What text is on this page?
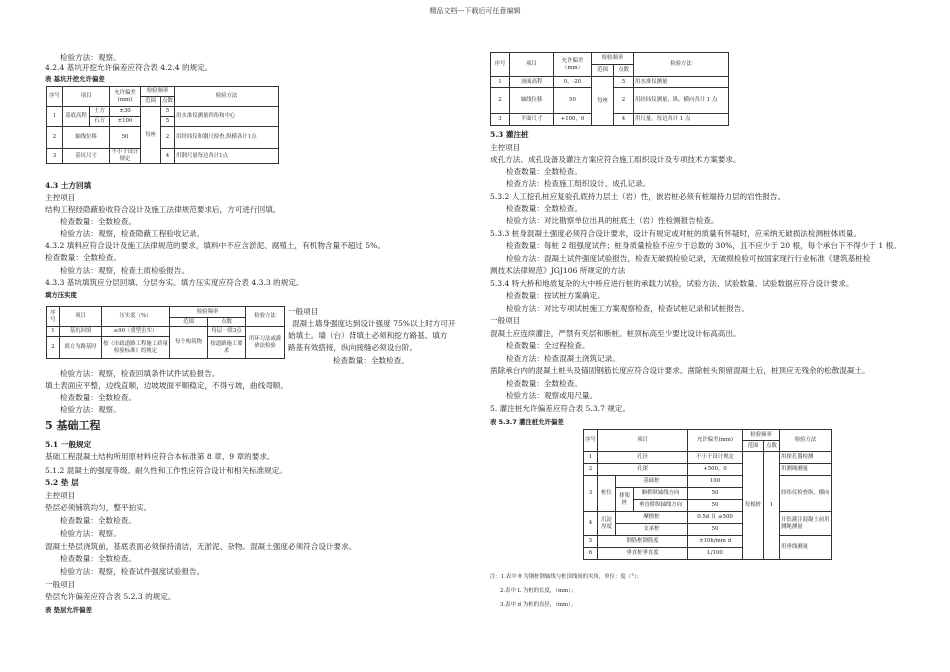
精品文档---下载后可任意编辑
检验方法：观察。
4.2.4 基坑开挖允许偏差应符合表 4.2.4 的规定。
表 基坑开挖允许偏差
序号	项目		允许偏差(mm)	检验频率		检验方法
				范围	点数	
1	基底高程	土方	±30	每座	5	用水准仪测量四角和中心
		石方	±100		5	
2	轴线位移		50		2	用经纬仪和钢尺检查,纵横各计1点
3	基坑尺寸		不小于设计规定		4	用钢尺量每边各计1点
4.3 土方回填
主控项目
结构工程经隐蔽验收符合设计及施工法律规范要求后，方可进行回填。
检查数量：全数检查。
检验方法：观察，检查隐蔽工程验收记录。
4.3.2 填料应符合设计及施工法律规范的要求，填料中不应含淤泥、腐殖土，有机物含量不超过 5%。
检查数量：全数检查。
检验方法：观察，检查土质检验报告。
4.3.3 基坑填筑应分层回填、分层夯实。填方压实度应符合表 4.3.3 的规定。
填方压实度
序号	项目	压实度（%）	检验频率		检验方法
			范围	点数	
1	基坑回填	≥90（重型击实）	每个构筑物	每层一组3点	用环刀法或灌砂法检验
2	填方为路基时	按《市政道路工程施工质量检验标准》的规定		按道路施工要求	
一般项目
混凝土墙身强度达到设计强度 75%以上时方可开
始填土。墙（台）背填土必须和挖方路基、填方
路基有效搭接，纵向接缝必须设台阶。
检查数量：全数检查。
检验方法：观察，检查回填条件试件试验报告。
填土表面应平整，边线直顺，边坡坡面平顺稳定，不得亏坡，曲线弯顺。
检查数量：全数检查。
检验方法：观察。
5 基础工程
5.1 一般规定
基础工程混凝土结构所用原材料应符合本标准第 8 章、9 章的要求。
5.1.2 混凝土的强度等级、耐久性和工作性应符合设计和相关标准规定。
5.2 垫 层
主控项目
垫层必须铺筑均匀，整平拍实。
检查数量：全数检查。
检验方法：观察。
混凝土垫层浇筑前，基底表面必须保持清洁，无淤泥、杂物。混凝土强度必须符合设计要求。
检查数量：全数检查。
检验方法：观察，检查试件强度试验报告。
一般项目
垫层允许偏差应符合表 5.2.3 的规定。
表 垫层允许偏差
序号	项目	允许偏差（mm）	检验频率		检验方法
			范围	点数	
1	顶面高程	0，-20	每座	5	用水准仪测量
2	轴线位移	50		2	用经纬仪测量，纵、横向各计 1 点
3	平面尺寸	+100，0		4	用尺量，每边各计 1 点
5.3 灌注桩
主控项目
成孔方法、成孔设备及灌注方案应符合施工组织设计及专项技术方案要求。
检查数量：全数检查。
检查方法：检查施工组织设计、成孔记录。
5.3.2 人工挖孔桩应复验孔底持力层土（岩）性，嵌岩桩必须有桩端持力层的岩性报告。
检查数量：全数检查。
检验方法：对比勘察单位出具的桩底土（岩）性检测报告检查。
5.3.3 桩身混凝土强度必须符合设计要求，设计有规定或对桩的质量有怀疑时，应采纳无破损法检测桩体质量。
检查数量：每桩 2 组强度试件；桩身质量检验不应少于总数的 30%，且不应少于 20 根，每个承台下不得少于 1 根。
检验方法：混凝土试件强度试验报告，检查无破损检验记录，无破损检验可按国家现行行业标准《建筑基桩检
测技术法律规范》JGJ106 所规定的方法
5.3.4 特大桥和地质复杂的大中桥应进行桩的承载力试验，试验方法、试验数量、试验数据应符合设计要求。
检查数量：按试桩方案确定。
检验方法：对比专项试桩施工方案观察检查，检查试桩记录和试桩报告。
一般项目
混凝土应连续灌注，严禁有夹层和断桩。桩顶标高至少要比设计标高高出。
检查数量：全过程检查。
检查方法：检查混凝土浇筑记录。
凿除承台内的混凝土桩头及锚固钢筋长度应符合设计要求。凿除桩头预留混凝土后，桩顶应无残余的松散混凝土。
检查数量：全数检查。
检验方法：观察或用尺量。
5. 灌注桩允许偏差应符合表 5.3.7 规定。
表 5.3.7 灌注桩允许偏差
序号	项目			允许偏差(mm)	检验频率		检验方法
					范围	点数	
1	孔径			不小于设计规定	每根桩	1	用探孔器检测
2	孔深			+500，0			用测绳测量
3	桩位	基础桩		100			经纬仪检查纵、横向
		排架桩	顺桥纵轴线方向	50			
			垂直桥纵轴线方向	50			
4	沉淀厚度	摩擦桩		0.5d 且 ≤500			开钻灌注混凝土前用测绳测量
		支承桩		50			
5	钢筋框钢筋度			±10h/mm d			用垂线测量
6	垂直桩垂直度			L/100			
注：1.表中 θ 为钢桩钢轴线与桩顶线间的夹角，单位：度（°）；
2.表中 L 为桩的长度，（mm）；
3.表中 d 为桩的直径，（mm）。
